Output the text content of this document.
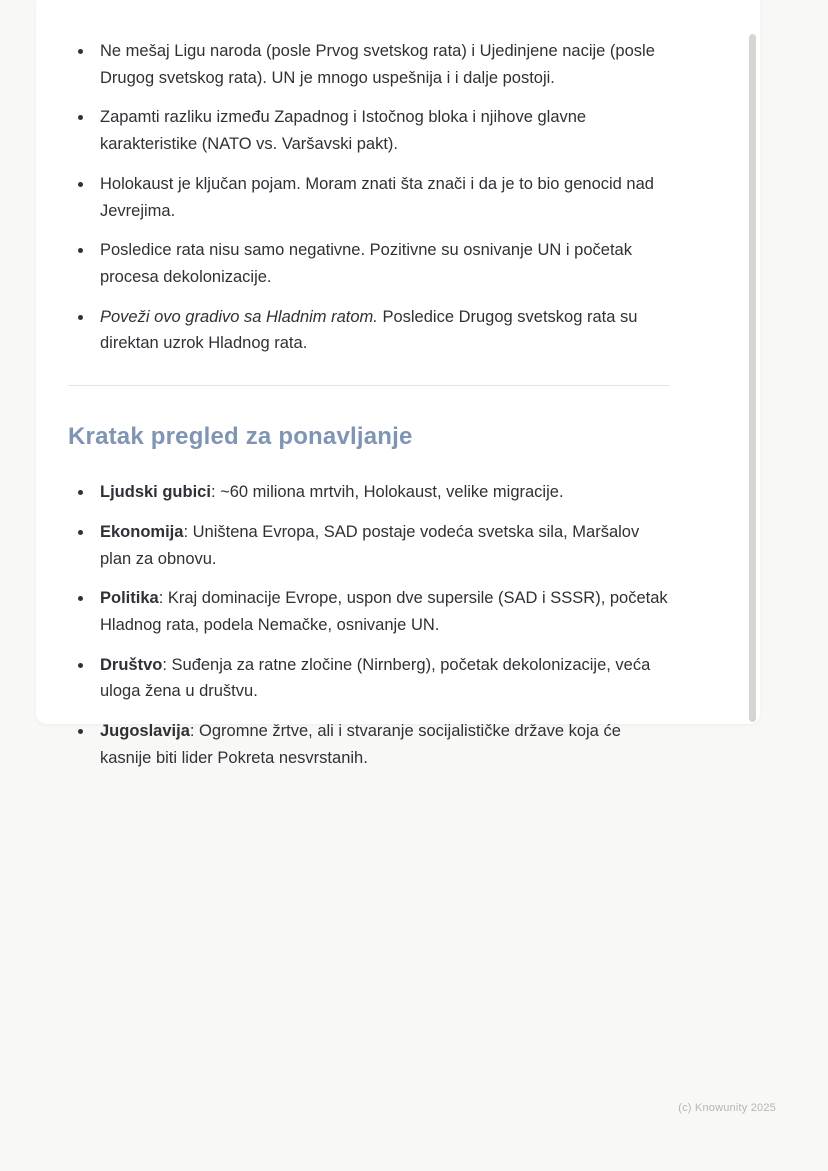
• Ne mešaj Ligu naroda (posle Prvog svetskog rata) i Ujedinjene nacije (posle Drugog svetskog rata). UN je mnogo uspešnija i i dalje postoji.
• Zapamti razliku između Zapadnog i Istočnog bloka i njihove glavne karakteristike (NATO vs. Varšavski pakt).
• Holokaust je ključan pojam. Moram znati šta znači i da je to bio genocid nad Jevrejima.
• Posledice rata nisu samo negativne. Pozitivne su osnivanje UN i početak procesa dekolonizacije.
• Poveži ovo gradivo sa Hladnim ratom. Posledice Drugog svetskog rata su direktan uzrok Hladnog rata.
Kratak pregled za ponavljanje
• Ljudski gubici: ~60 miliona mrtvih, Holokaust, velike migracije.
• Ekonomija: Uništena Evropa, SAD postaje vodeća svetska sila, Maršalov plan za obnovu.
• Politika: Kraj dominacije Evrope, uspon dve supersile (SAD i SSSR), početak Hladnog rata, podela Nemačke, osnivanje UN.
• Društvo: Suđenja za ratne zločine (Nirnberg), početak dekolonizacije, veća uloga žena u društvu.
• Jugoslavija: Ogromne žrtve, ali i stvaranje socijalističke države koja će kasnije biti lider Pokreta nesvrstanih.
(c) Knowunity 2025
